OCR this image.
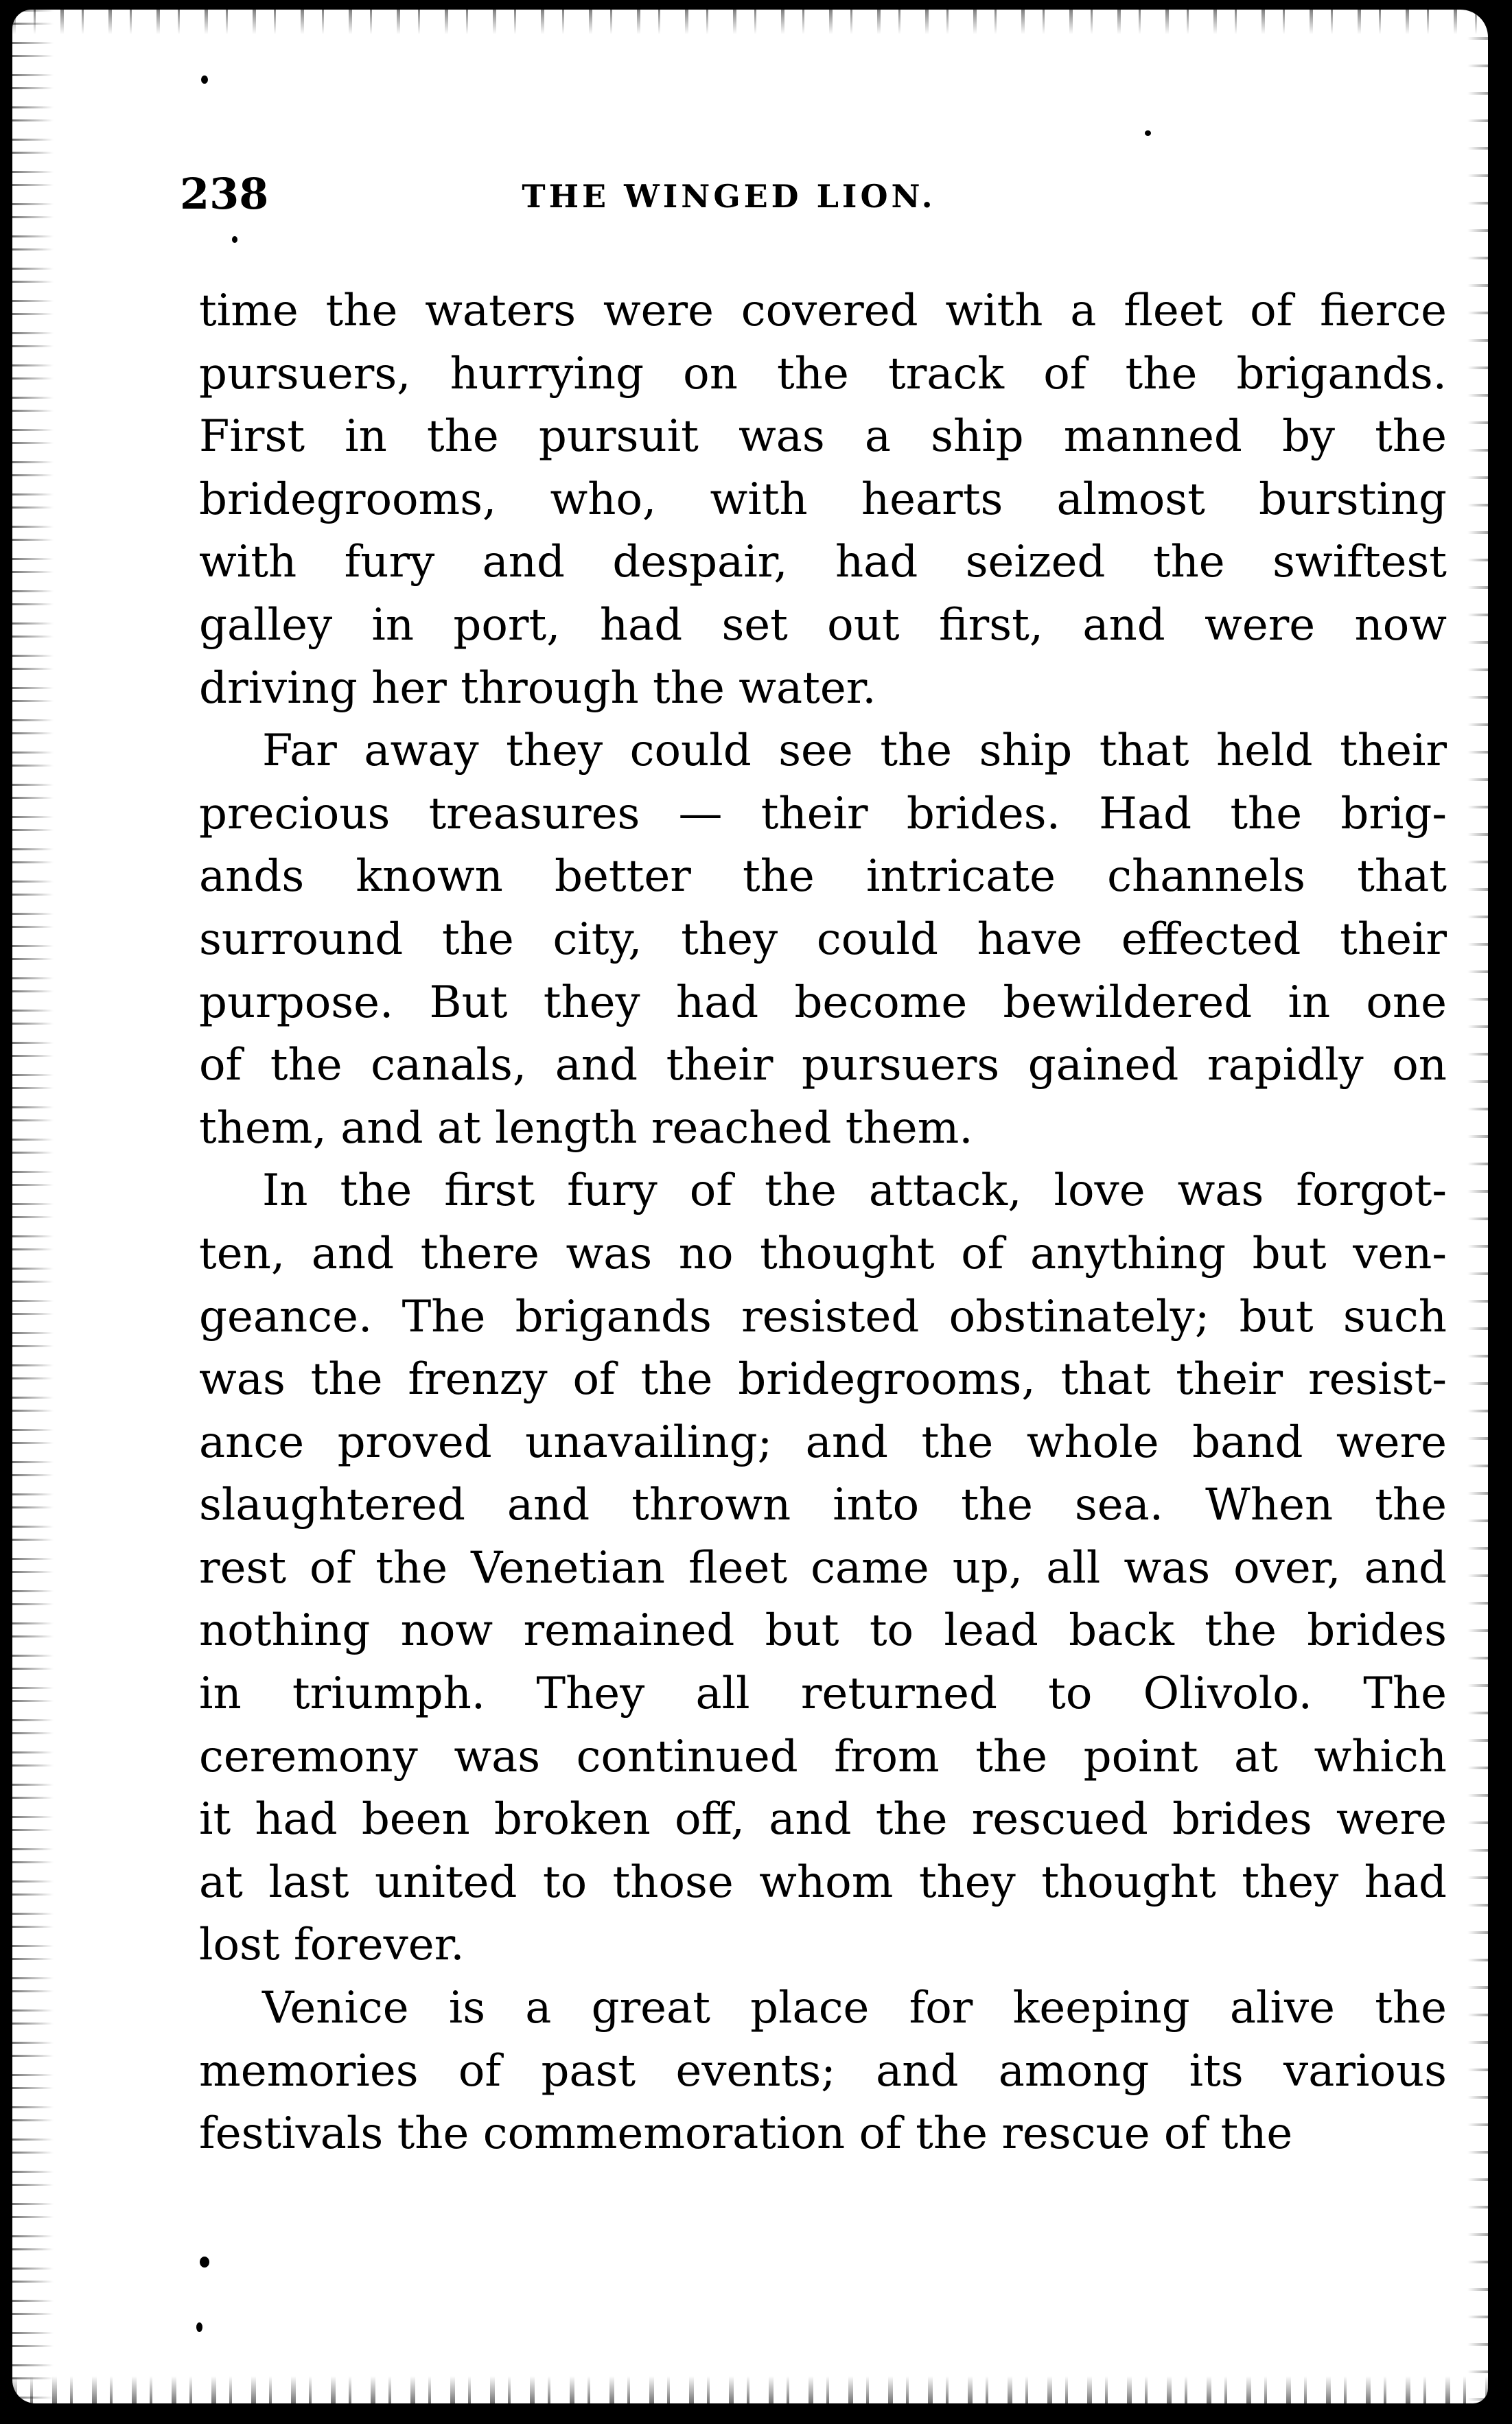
238	THE WINGED LION.
time the waters were covered with a fleet of fierce
pursuers, hurrying on the track of the brigands.
First in the pursuit was a ship manned by the
bridegrooms, who, with hearts almost bursting
with fury and despair, had seized the swiftest
galley in port, had set out first, and were now
driving her through the water.
Far away they could see the ship that held their
precious treasures — their brides. Had the brig-
ands known better the intricate channels that
surround the city, they could have effected their
purpose. But they had become bewildered in one
of the canals, and their pursuers gained rapidly on
them, and at length reached them.
In the first fury of the attack, love was forgot-
ten, and there was no thought of anything but ven-
geance. The brigands resisted obstinately; but such
was the frenzy of the bridegrooms, that their resist-
ance proved unavailing; and the whole band were
slaughtered and thrown into the sea. When the
rest of the Venetian fleet came up, all was over, and
nothing now remained but to lead back the brides
in triumph. They all returned to Olivolo. The
ceremony was continued from the point at which
it had been broken off, and the rescued brides were
at last united to those whom they thought they had
lost forever.
Venice is a great place for keeping alive the
memories of past events; and among its various
festivals the commemoration of the rescue of the
